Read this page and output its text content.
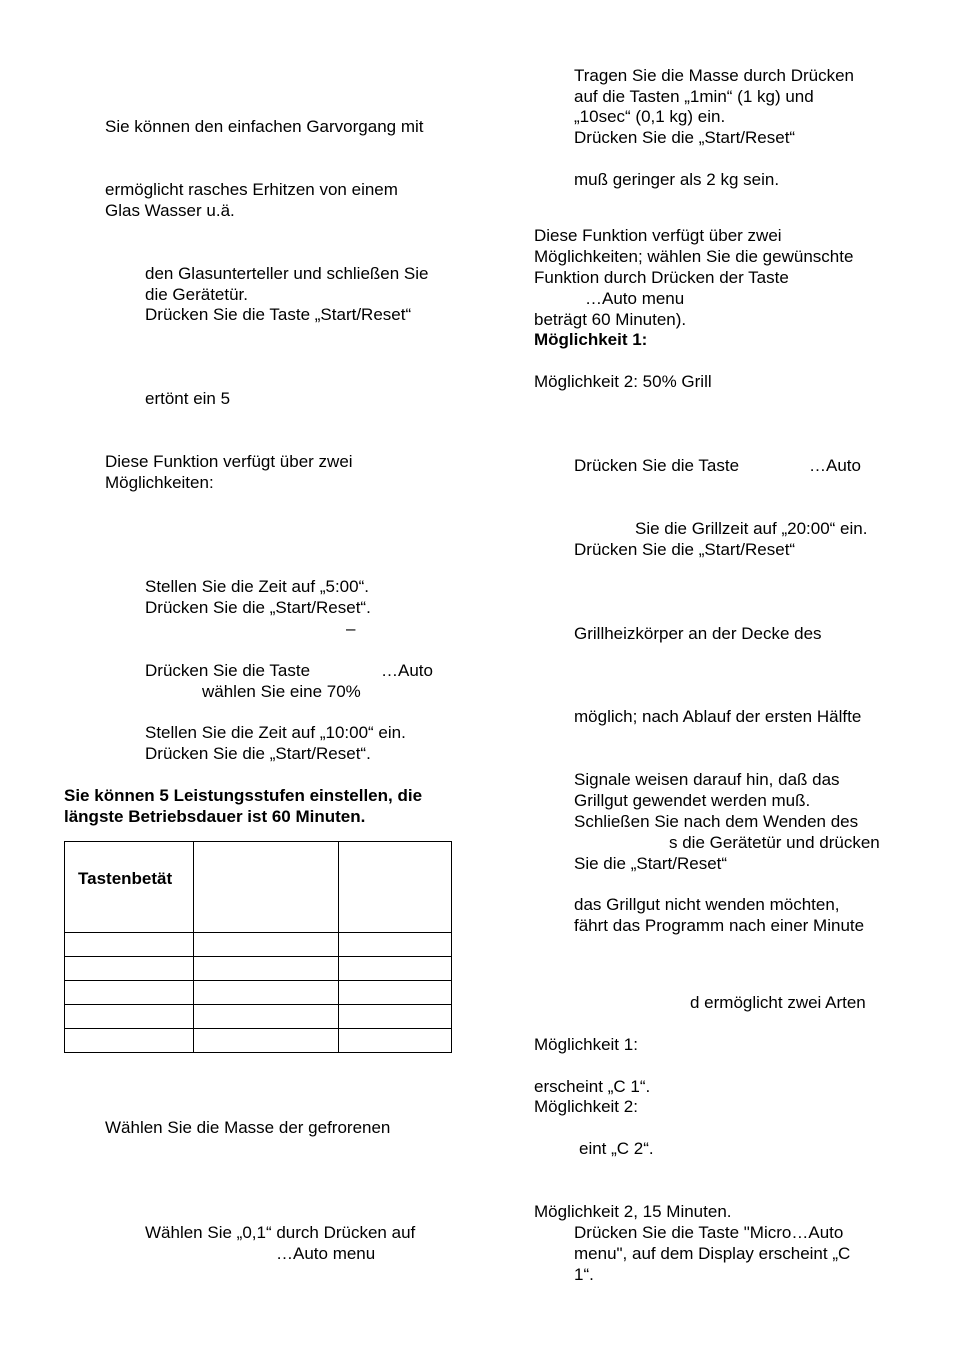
Sie können den einfachen Garvorgang mit
ermöglicht rasches Erhitzen von einem
Glas Wasser u.ä.
den Glasunterteller und schließen Sie
die Gerätetür.
Drücken Sie die Taste „Start/Reset“
ertönt ein 5
Diese Funktion verfügt über zwei
Möglichkeiten:
Stellen Sie die Zeit auf „5:00“.
Drücken Sie die „Start/Reset“.
–
Drücken Sie die Taste	…Auto
wählen Sie eine 70%
Stellen Sie die Zeit auf „10:00“ ein.
Drücken Sie die „Start/Reset“.
Sie können 5 Leistungsstufen einstellen, die
längste Betriebsdauer ist 60 Minuten.
Tastenbetät		

Wählen Sie die Masse der gefrorenen
Wählen Sie „0,1“ durch Drücken auf
…Auto menu
Tragen Sie die Masse durch Drücken
auf die Tasten „1min“ (1 kg) und
„10sec“ (0,1 kg) ein.
Drücken Sie die „Start/Reset“
muß geringer als 2 kg sein.
Diese Funktion verfügt über zwei
Möglichkeiten; wählen Sie die gewünschte
Funktion durch Drücken der Taste
…Auto menu
beträgt 60 Minuten).
Möglichkeit 1:
Möglichkeit 2: 50% Grill
Drücken Sie die Taste	…Auto
Sie die Grillzeit auf „20:00“ ein.
Drücken Sie die „Start/Reset“
Grillheizkörper an der Decke des
möglich; nach Ablauf der ersten Hälfte
Signale weisen darauf hin, daß das
Grillgut gewendet werden muß.
Schließen Sie nach dem Wenden des
s die Gerätetür und drücken
Sie die „Start/Reset“
das Grillgut nicht wenden möchten,
fährt das Programm nach einer Minute
d ermöglicht zwei Arten
Möglichkeit 1:
erscheint „C 1“.
Möglichkeit 2:
eint „C 2“.
Möglichkeit 2, 15 Minuten.
Drücken Sie die Taste "Micro…Auto
menu", auf dem Display erscheint „C
1“.
